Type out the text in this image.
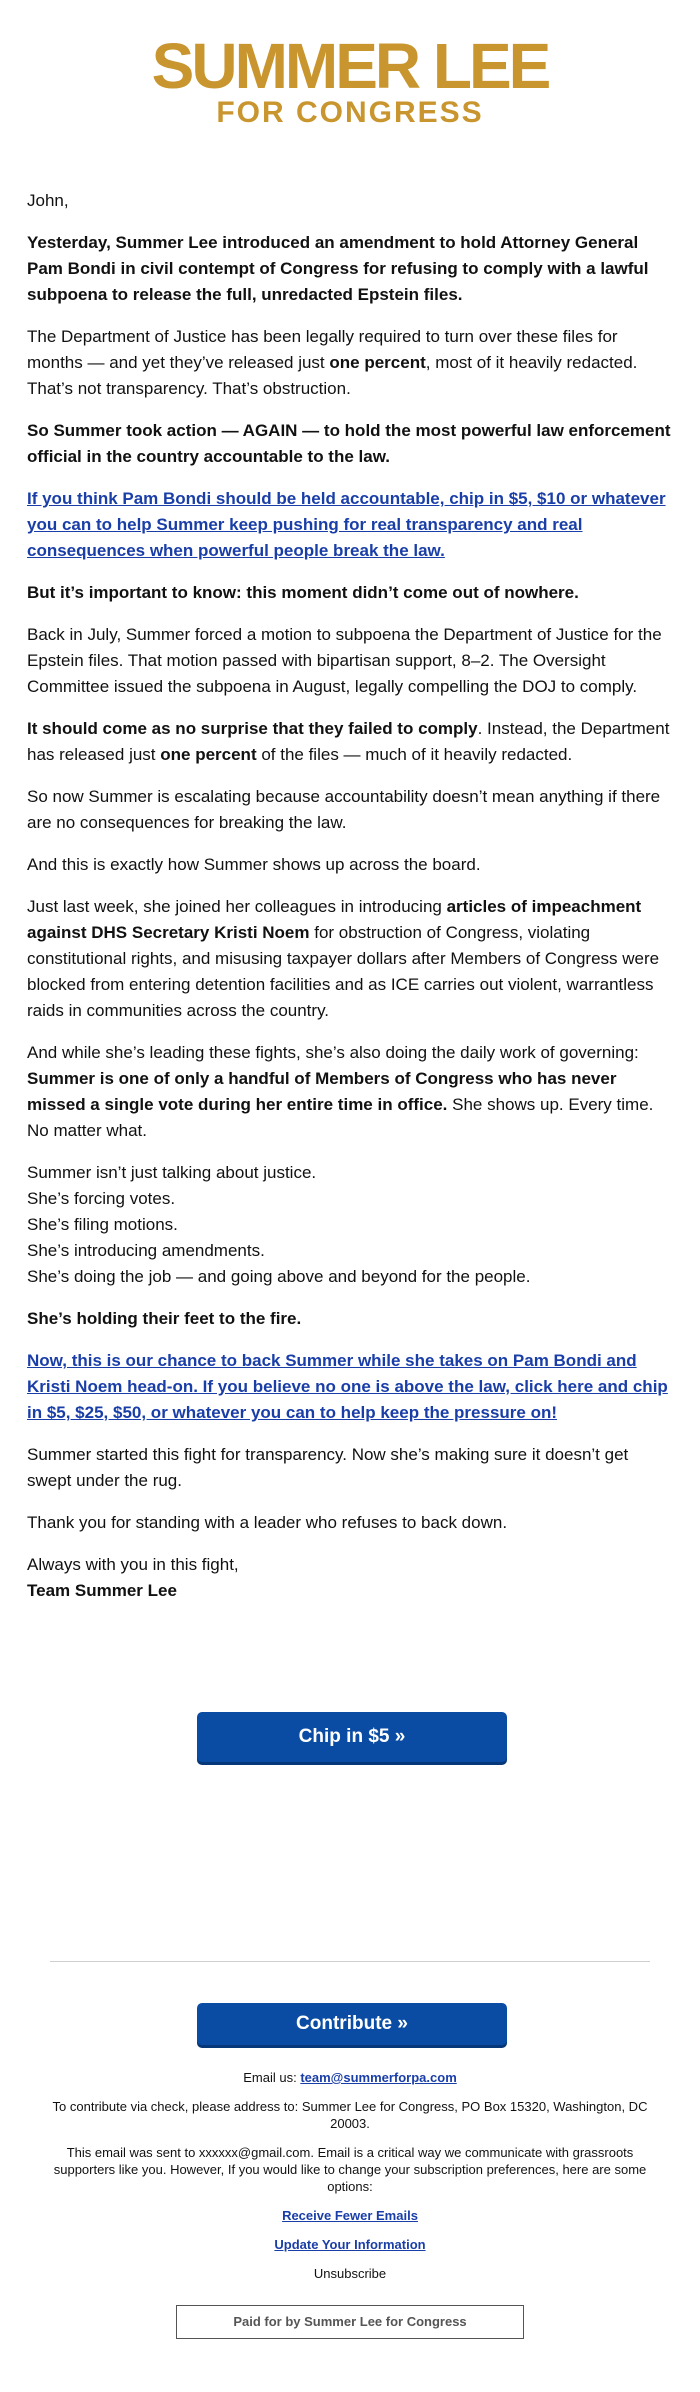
SUMMER LEE
FOR CONGRESS

John,

Yesterday, Summer Lee introduced an amendment to hold Attorney General Pam Bondi in civil contempt of Congress for refusing to comply with a lawful subpoena to release the full, unredacted Epstein files.

The Department of Justice has been legally required to turn over these files for months — and yet they’ve released just one percent, most of it heavily redacted. That’s not transparency. That’s obstruction.

So Summer took action — AGAIN — to hold the most powerful law enforcement official in the country accountable to the law.

If you think Pam Bondi should be held accountable, chip in $5, $10 or whatever you can to help Summer keep pushing for real transparency and real consequences when powerful people break the law.

But it’s important to know: this moment didn’t come out of nowhere.

Back in July, Summer forced a motion to subpoena the Department of Justice for the Epstein files. That motion passed with bipartisan support, 8–2. The Oversight Committee issued the subpoena in August, legally compelling the DOJ to comply.

It should come as no surprise that they failed to comply. Instead, the Department has released just one percent of the files — much of it heavily redacted.

So now Summer is escalating because accountability doesn’t mean anything if there are no consequences for breaking the law.

And this is exactly how Summer shows up across the board.

Just last week, she joined her colleagues in introducing articles of impeachment against DHS Secretary Kristi Noem for obstruction of Congress, violating constitutional rights, and misusing taxpayer dollars after Members of Congress were blocked from entering detention facilities and as ICE carries out violent, warrantless raids in communities across the country.

And while she’s leading these fights, she’s also doing the daily work of governing: Summer is one of only a handful of Members of Congress who has never missed a single vote during her entire time in office. She shows up. Every time. No matter what.

Summer isn’t just talking about justice.
She’s forcing votes.
She’s filing motions.
She’s introducing amendments.
She’s doing the job — and going above and beyond for the people.

She’s holding their feet to the fire.

Now, this is our chance to back Summer while she takes on Pam Bondi and Kristi Noem head-on. If you believe no one is above the law, click here and chip in $5, $25, $50, or whatever you can to help keep the pressure on!

Summer started this fight for transparency. Now she’s making sure it doesn’t get swept under the rug.

Thank you for standing with a leader who refuses to back down.

Always with you in this fight,
Team Summer Lee

Chip in $5 »
Contribute »

Email us: team@summerforpa.com

To contribute via check, please address to: Summer Lee for Congress, PO Box 15320, Washington, DC 20003.

This email was sent to xxxxxx@gmail.com. Email is a critical way we communicate with grassroots supporters like you. However, If you would like to change your subscription preferences, here are some options:

Receive Fewer Emails

Update Your Information

Unsubscribe

Paid for by Summer Lee for Congress
